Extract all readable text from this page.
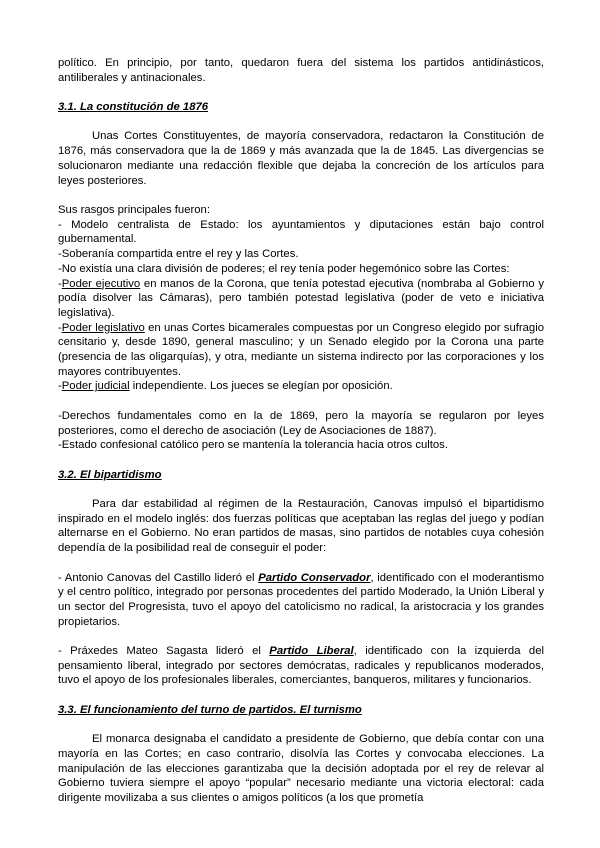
político. En principio, por tanto, quedaron fuera del sistema los partidos antidinásticos, antiliberales y antinacionales.

3.1. La constitución de 1876

Unas Cortes Constituyentes, de mayoría conservadora, redactaron la Constitución de 1876, más conservadora que la de 1869 y más avanzada que la de 1845. Las divergencias se solucionaron mediante una redacción flexible que dejaba la concreción de los artículos para leyes posteriores.

Sus rasgos principales fueron:

- Modelo centralista de Estado: los ayuntamientos y diputaciones están bajo control gubernamental.

-Soberanía compartida entre el rey y las Cortes.

-No existía una clara división de poderes; el rey tenía poder hegemónico sobre las Cortes:

-Poder ejecutivo en manos de la Corona, que tenía potestad ejecutiva (nombraba al Gobierno y podía disolver las Cámaras), pero también potestad legislativa (poder de veto e iniciativa legislativa).

-Poder legislativo en unas Cortes bicamerales compuestas por un Congreso elegido por sufragio censitario y, desde 1890, general masculino; y un Senado elegido por la Corona una parte (presencia de las oligarquías), y otra, mediante un sistema indirecto por las corporaciones y los mayores contribuyentes.

-Poder judicial independiente. Los jueces se elegían por oposición.

-Derechos fundamentales como en la de 1869, pero la mayoría se regularon por leyes posteriores, como el derecho de asociación (Ley de Asociaciones de 1887).

-Estado confesional católico pero se mantenía la tolerancia hacia otros cultos.

3.2. El bipartidismo

Para dar estabilidad al régimen de la Restauración, Canovas impulsó el bipartidismo inspirado en el modelo inglés: dos fuerzas políticas que aceptaban las reglas del juego y podían alternarse en el Gobierno. No eran partidos de masas, sino partidos de notables cuya cohesión dependía de la posibilidad real de conseguir el poder:

- Antonio Canovas del Castillo lideró el Partido Conservador, identificado con el moderantismo y el centro político, integrado por personas procedentes del partido Moderado, la Unión Liberal y un sector del Progresista, tuvo el apoyo del catolicismo no radical, la aristocracia y los grandes propietarios.

- Práxedes Mateo Sagasta lideró el Partido Liberal, identificado con la izquierda del pensamiento liberal, integrado por sectores demócratas, radicales y republicanos moderados, tuvo el apoyo de los profesionales liberales, comerciantes, banqueros, militares y funcionarios.

3.3. El funcionamiento del turno de partidos. El turnismo

El monarca designaba el candidato a presidente de Gobierno, que debía contar con una mayoría en las Cortes; en caso contrario, disolvía las Cortes y convocaba elecciones. La manipulación de las elecciones garantizaba que la decisión adoptada por el rey de relevar al Gobierno tuviera siempre el apoyo “popular” necesario mediante una victoria electoral: cada dirigente movilizaba a sus clientes o amigos políticos (a los que prometía
